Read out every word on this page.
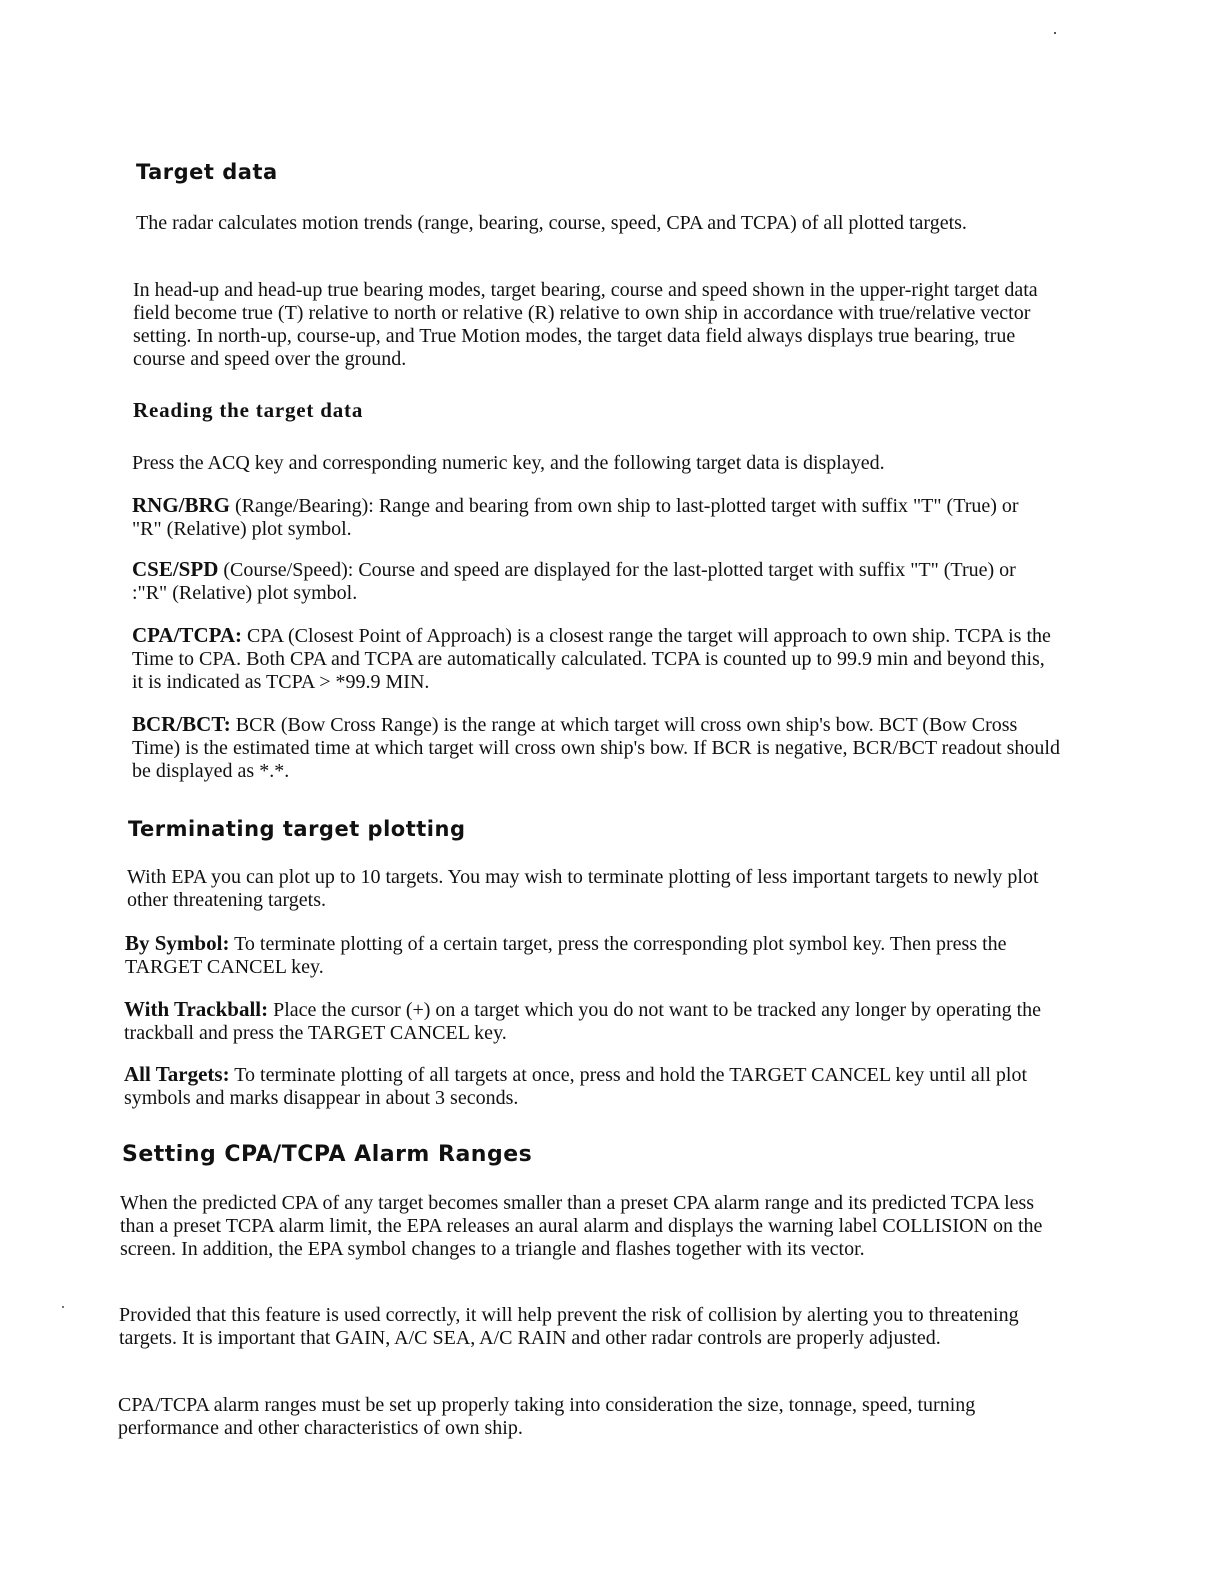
Target data

The radar calculates motion trends (range, bearing, course, speed, CPA and TCPA) of all plotted targets.

In head-up and head-up true bearing modes, target bearing, course and speed shown in the upper-right target data field become true (T) relative to north or relative (R) relative to own ship in accordance with true/relative vector setting. In north-up, course-up, and True Motion modes, the target data field always displays true bearing, true course and speed over the ground.

Reading the target data

Press the ACQ key and corresponding numeric key, and the following target data is displayed.

RNG/BRG (Range/Bearing): Range and bearing from own ship to last-plotted target with suffix "T" (True) or "R" (Relative) plot symbol.

CSE/SPD (Course/Speed): Course and speed are displayed for the last-plotted target with suffix "T" (True) or :"R" (Relative) plot symbol.

CPA/TCPA: CPA (Closest Point of Approach) is a closest range the target will approach to own ship. TCPA is the Time to CPA. Both CPA and TCPA are automatically calculated. TCPA is counted up to 99.9 min and beyond this, it is indicated as TCPA > *99.9 MIN.

BCR/BCT: BCR (Bow Cross Range) is the range at which target will cross own ship's bow. BCT (Bow Cross Time) is the estimated time at which target will cross own ship's bow. If BCR is negative, BCR/BCT readout should be displayed as *.*.

Terminating target plotting

With EPA you can plot up to 10 targets. You may wish to terminate plotting of less important targets to newly plot other threatening targets.

By Symbol: To terminate plotting of a certain target, press the corresponding plot symbol key. Then press the TARGET CANCEL key.

With Trackball: Place the cursor (+) on a target which you do not want to be tracked any longer by operating the trackball and press the TARGET CANCEL key.

All Targets: To terminate plotting of all targets at once, press and hold the TARGET CANCEL key until all plot symbols and marks disappear in about 3 seconds.

Setting CPA/TCPA Alarm Ranges

When the predicted CPA of any target becomes smaller than a preset CPA alarm range and its predicted TCPA less than a preset TCPA alarm limit, the EPA releases an aural alarm and displays the warning label COLLISION on the screen. In addition, the EPA symbol changes to a triangle and flashes together with its vector.

Provided that this feature is used correctly, it will help prevent the risk of collision by alerting you to threatening targets. It is important that GAIN, A/C SEA, A/C RAIN and other radar controls are properly adjusted.

CPA/TCPA alarm ranges must be set up properly taking into consideration the size, tonnage, speed, turning performance and other characteristics of own ship.
